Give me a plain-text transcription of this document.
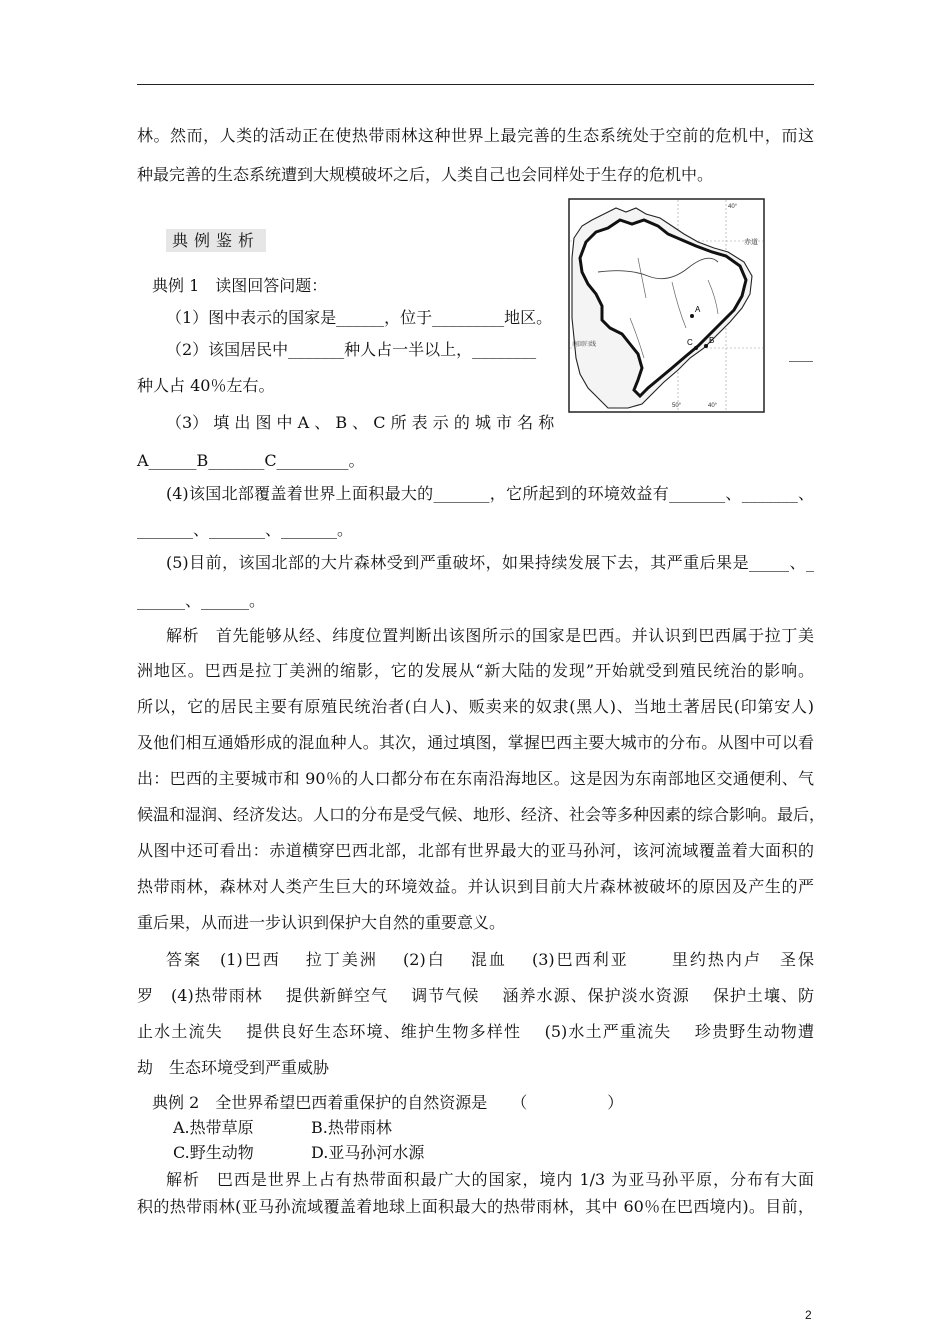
林。然而，人类的活动正在使热带雨林这种世界上最完善的生态系统处于空前的危机中，而这
种最完善的生态系统遭到大规模破坏之后，人类自己也会同样处于生存的危机中。
典例鉴析
A
B
C
40°
赤道
南回归线
50°	40°
典例 1　读图回答问题：
（1）图中表示的国家是______，位于_________地区。
（2）该国居民中_______种人占一半以上，________	___
种人占 40％左右。
（3） 填 出 图 中 A 、 B 、 C 所 表 示 的 城 市 名 称
A______B_______C_________。
(4)该国北部覆盖着世界上面积最大的_______，它所起到的环境效益有_______、_______、
_______、_______、_______。
(5)目前，该国北部的大片森林受到严重破坏，如果持续发展下去，其严重后果是_____、_
______、______。
解析　首先能够从经、纬度位置判断出该图所示的国家是巴西。并认识到巴西属于拉丁美
洲地区。巴西是拉丁美洲的缩影，它的发展从“新大陆的发现”开始就受到殖民统治的影响。
所以，它的居民主要有原殖民统治者(白人)、贩卖来的奴隶(黑人)、当地土著居民(印第安人)
及他们相互通婚形成的混血种人。其次，通过填图，掌握巴西主要大城市的分布。从图中可以看
出：巴西的主要城市和 90％的人口都分布在东南沿海地区。这是因为东南部地区交通便利、气
候温和湿润、经济发达。人口的分布是受气候、地形、经济、社会等多种因素的综合影响。最后，
从图中还可看出：赤道横穿巴西北部，北部有世界最大的亚马孙河，该河流域覆盖着大面积的
热带雨林，森林对人类产生巨大的环境效益。并认识到目前大片森林被破坏的原因及产生的严
重后果，从而进一步认识到保护大自然的重要意义。
答案　(1)巴西　 拉丁美洲　 (2)白　 混血　 (3)巴西利亚　　 里约热内卢　圣保
罗　(4)热带雨林　 提供新鲜空气　 调节气候　 涵养水源、保护淡水资源　 保护土壤、防
止水土流失　 提供良好生态环境、维护生物多样性　 (5)水土严重流失　 珍贵野生动物遭
劫　生态环境受到严重威胁
典例 2　全世界希望巴西着重保护的自然资源是　　（　　　　　）
A.热带草原	B.热带雨林
C.野生动物	D.亚马孙河水源
解析　巴西是世界上占有热带面积最广大的国家，境内 1/3 为亚马孙平原，分布有大面
积的热带雨林(亚马孙流域覆盖着地球上面积最大的热带雨林，其中 60％在巴西境内)。目前，
2
